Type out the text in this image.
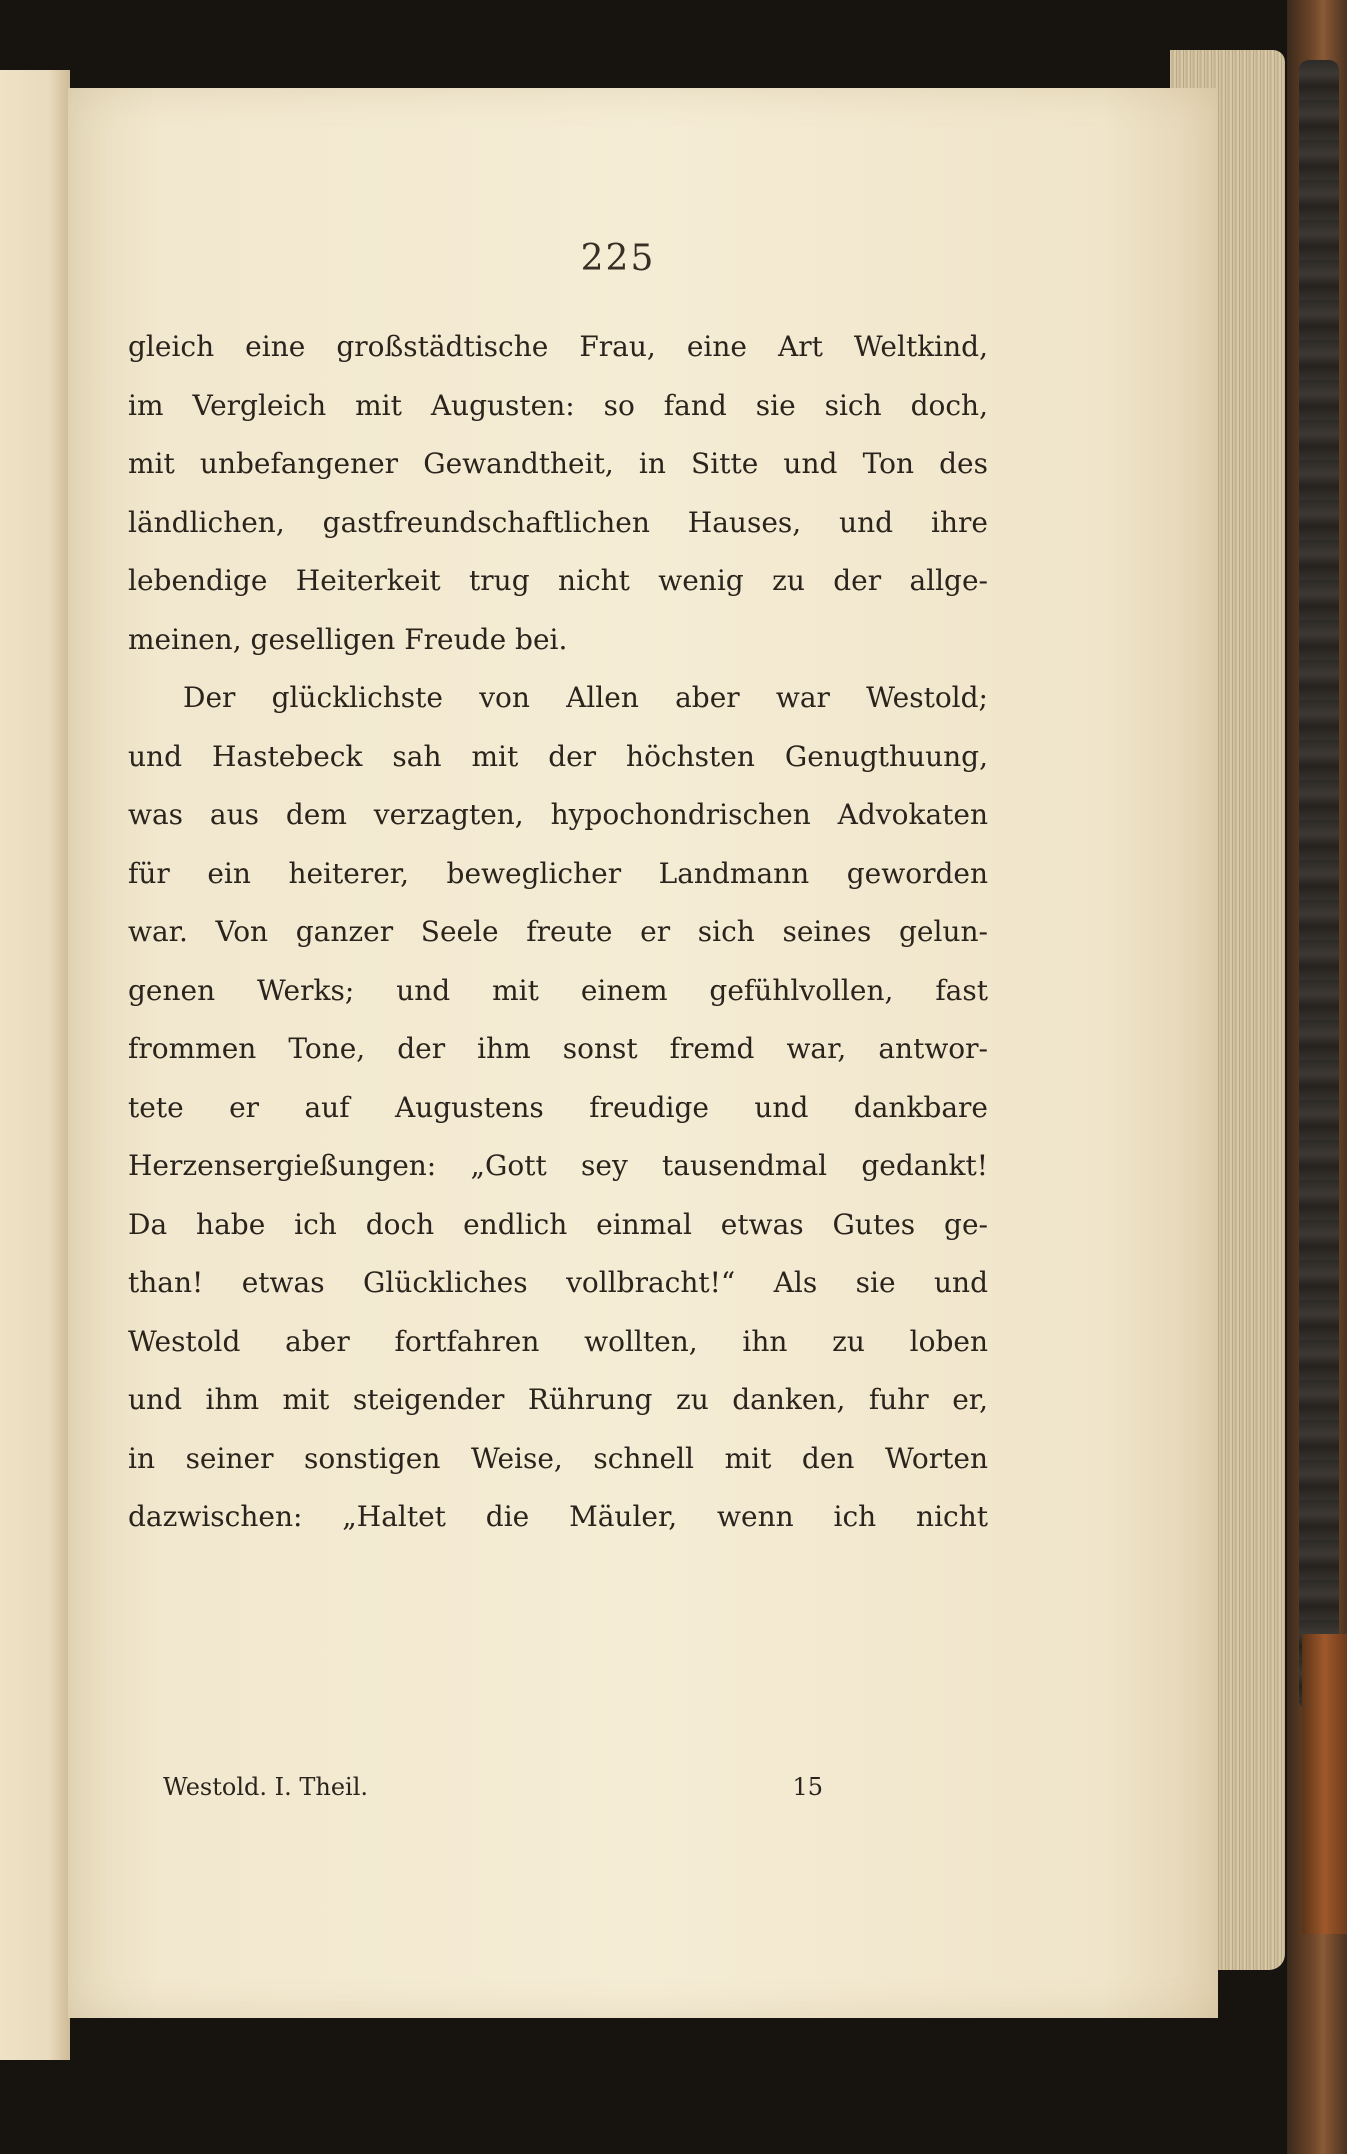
225
gleich eine großstädtische Frau, eine Art Weltkind,
im Vergleich mit Augusten: so fand sie sich doch,
mit unbefangener Gewandtheit, in Sitte und Ton des
ländlichen, gastfreundschaftlichen Hauses, und ihre
lebendige Heiterkeit trug nicht wenig zu der allge-
meinen, geselligen Freude bei.
Der glücklichste von Allen aber war Westold;
und Hastebeck sah mit der höchsten Genugthuung,
was aus dem verzagten, hypochondrischen Advokaten
für ein heiterer, beweglicher Landmann geworden
war. Von ganzer Seele freute er sich seines gelun-
genen Werks; und mit einem gefühlvollen, fast
frommen Tone, der ihm sonst fremd war, antwor-
tete er auf Augustens freudige und dankbare
Herzensergießungen: „Gott sey tausendmal gedankt!
Da habe ich doch endlich einmal etwas Gutes ge-
than! etwas Glückliches vollbracht!“ Als sie und
Westold aber fortfahren wollten, ihn zu loben
und ihm mit steigender Rührung zu danken, fuhr er,
in seiner sonstigen Weise, schnell mit den Worten
dazwischen: „Haltet die Mäuler, wenn ich nicht
Westold. I. Theil.	15
